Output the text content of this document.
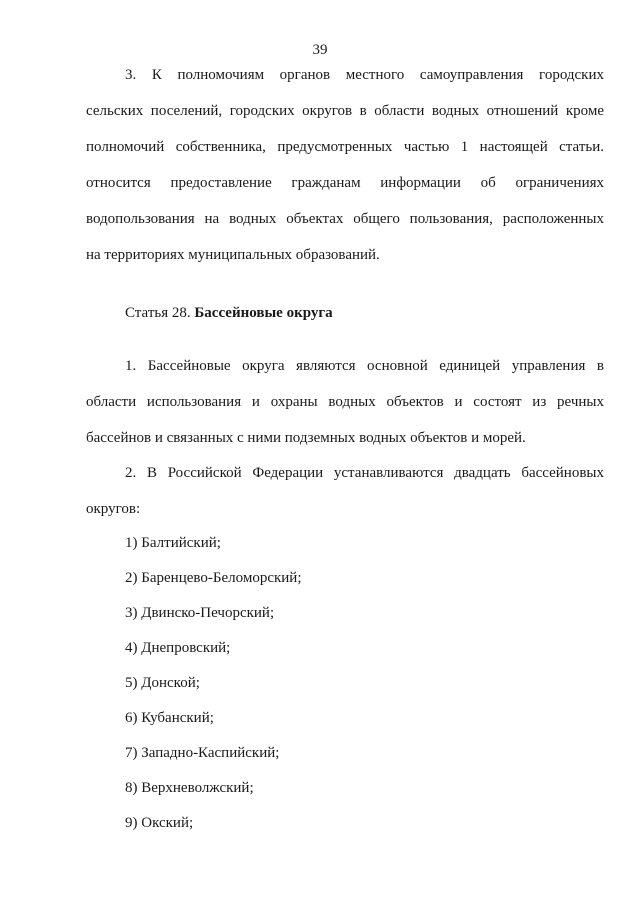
39
3. К полномочиям органов местного самоуправления городских
сельских поселений, городских округов в области водных отношений кроме
полномочий собственника, предусмотренных частью 1 настоящей статьи.
относится предоставление гражданам информации об ограничениях
водопользования на водных объектах общего пользования, расположенных
на территориях муниципальных образований.
Статья 28. Бассейновые округа
1. Бассейновые округа являются основной единицей управления в
области использования и охраны водных объектов и состоят из речных
бассейнов и связанных с ними подземных водных объектов и морей.
2. В Российской Федерации устанавливаются двадцать бассейновых
округов:
1) Балтийский;
2) Баренцево-Беломорский;
3) Двинско-Печорский;
4) Днепровский;
5) Донской;
6) Кубанский;
7) Западно-Каспийский;
8) Верхневолжский;
9) Окский;
